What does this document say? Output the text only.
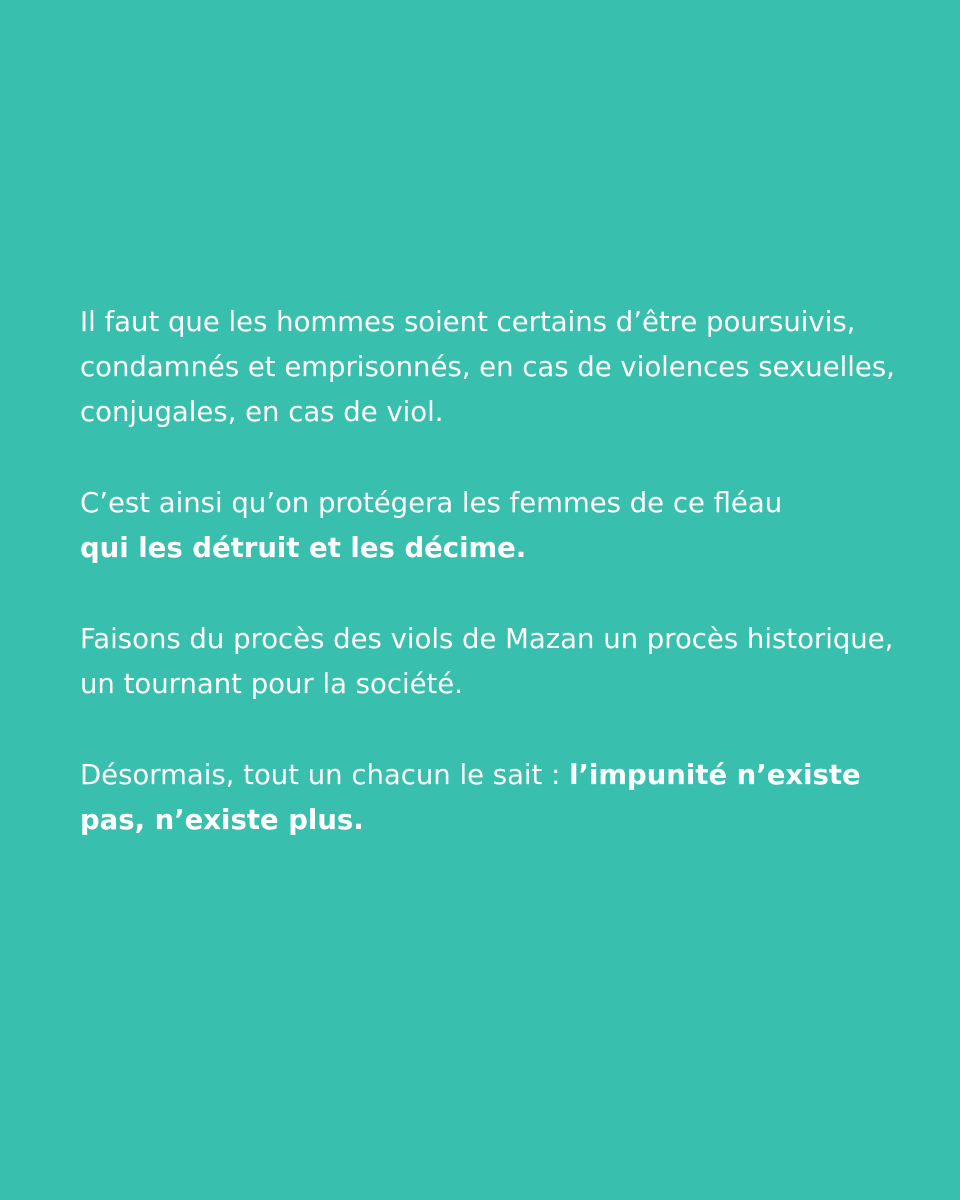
Il faut que les hommes soient certains d’être poursuivis, condamnés et emprisonnés, en cas de violences sexuelles, conjugales, en cas de viol.

C’est ainsi qu’on protégera les femmes de ce fléau
qui les détruit et les décime.

Faisons du procès des viols de Mazan un procès historique, un tournant pour la société.

Désormais, tout un chacun le sait : l’impunité n’existe pas, n’existe plus.
